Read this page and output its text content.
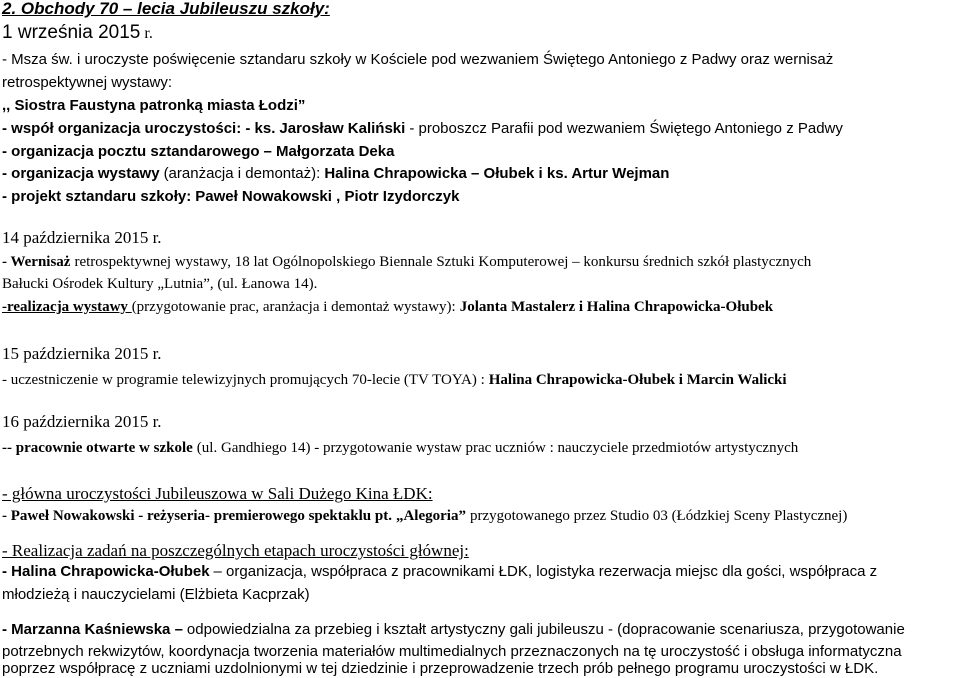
2. Obchody 70 – lecia Jubileuszu szkoły:
1 września 2015 r.
- Msza św. i uroczyste poświęcenie sztandaru szkoły w Kościele pod wezwaniem Świętego Antoniego z Padwy oraz wernisaż
retrospektywnej wystawy:
,, Siostra Faustyna patronką miasta Łodzi”
- współ organizacja uroczystości: - ks. Jarosław Kaliński - proboszcz Parafii pod wezwaniem Świętego Antoniego z Padwy
- organizacja pocztu sztandarowego – Małgorzata Deka
- organizacja wystawy (aranżacja i demontaż): Halina Chrapowicka – Ołubek i ks. Artur Wejman
- projekt sztandaru szkoły: Paweł Nowakowski , Piotr Izydorczyk
14 października 2015 r.
- Wernisaż retrospektywnej wystawy, 18 lat Ogólnopolskiego Biennale Sztuki Komputerowej – konkursu średnich szkół plastycznych
Bałucki Ośrodek Kultury „Lutnia”, (ul. Łanowa 14).
-realizacja wystawy (przygotowanie prac, aranżacja i demontaż wystawy): Jolanta Mastalerz i Halina Chrapowicka-Ołubek
15 października 2015 r.
- uczestniczenie w programie telewizyjnych promujących 70-lecie (TV TOYA) : Halina Chrapowicka-Ołubek i Marcin Walicki
16 października 2015 r.
-- pracownie otwarte w szkole (ul. Gandhiego 14) - przygotowanie wystaw prac uczniów : nauczyciele przedmiotów artystycznych
- główna uroczystości Jubileuszowa w Sali Dużego Kina ŁDK:
- Paweł Nowakowski - reżyseria- premierowego spektaklu pt. „Alegoria” przygotowanego przez Studio 03 (Łódzkiej Sceny Plastycznej)
- Realizacja zadań na poszczególnych etapach uroczystości głównej:
- Halina Chrapowicka-Ołubek – organizacja, współpraca z pracownikami ŁDK, logistyka rezerwacja miejsc dla gości, współpraca z
młodzieżą i nauczycielami (Elżbieta Kacprzak)
- Marzanna Kaśniewska – odpowiedzialna za przebieg i kształt artystyczny gali jubileuszu - (dopracowanie scenariusza, przygotowanie
potrzebnych rekwizytów, koordynacja tworzenia materiałów multimedialnych przeznaczonych na tę uroczystość i obsługa informatyczna
poprzez współpracę z uczniami uzdolnionymi w tej dziedzinie i przeprowadzenie trzech prób pełnego programu uroczystości w ŁDK.
